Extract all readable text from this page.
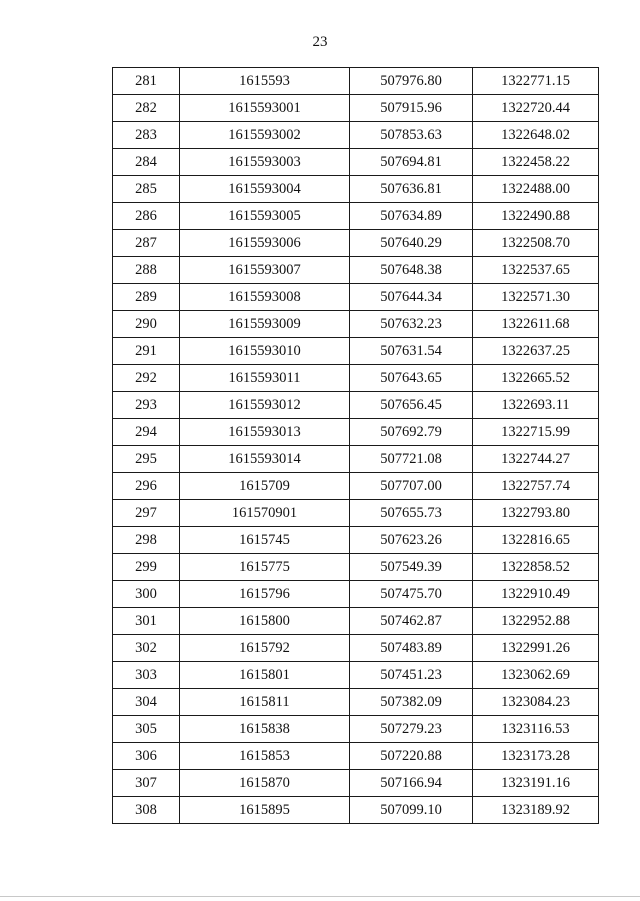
23
281	1615593	507976.80	1322771.15
282	1615593001	507915.96	1322720.44
283	1615593002	507853.63	1322648.02
284	1615593003	507694.81	1322458.22
285	1615593004	507636.81	1322488.00
286	1615593005	507634.89	1322490.88
287	1615593006	507640.29	1322508.70
288	1615593007	507648.38	1322537.65
289	1615593008	507644.34	1322571.30
290	1615593009	507632.23	1322611.68
291	1615593010	507631.54	1322637.25
292	1615593011	507643.65	1322665.52
293	1615593012	507656.45	1322693.11
294	1615593013	507692.79	1322715.99
295	1615593014	507721.08	1322744.27
296	1615709	507707.00	1322757.74
297	161570901	507655.73	1322793.80
298	1615745	507623.26	1322816.65
299	1615775	507549.39	1322858.52
300	1615796	507475.70	1322910.49
301	1615800	507462.87	1322952.88
302	1615792	507483.89	1322991.26
303	1615801	507451.23	1323062.69
304	1615811	507382.09	1323084.23
305	1615838	507279.23	1323116.53
306	1615853	507220.88	1323173.28
307	1615870	507166.94	1323191.16
308	1615895	507099.10	1323189.92
